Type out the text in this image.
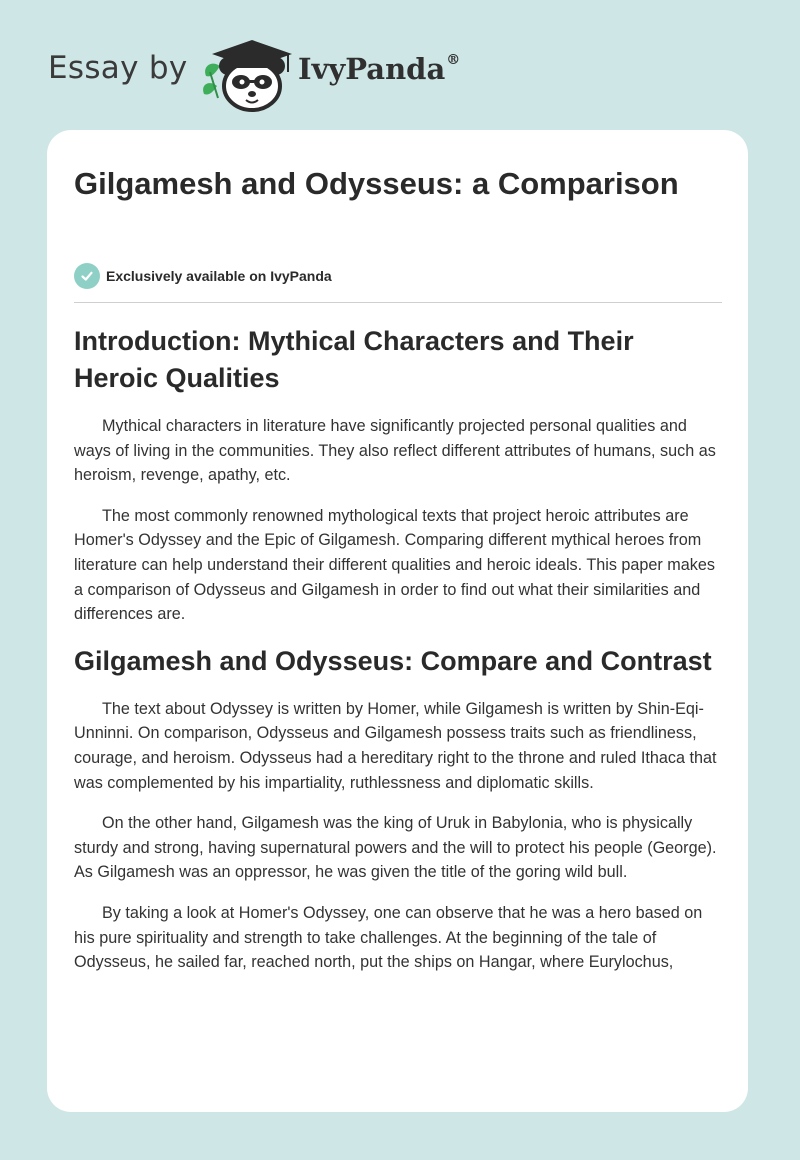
Essay by	IvyPanda®
Gilgamesh and Odysseus: a Comparison
Exclusively available on IvyPanda
Introduction: Mythical Characters and Their Heroic Qualities

Mythical characters in literature have significantly projected personal qualities and ways of living in the communities. They also reflect different attributes of humans, such as heroism, revenge, apathy, etc.

The most commonly renowned mythological texts that project heroic attributes are Homer's Odyssey and the Epic of Gilgamesh. Comparing different mythical heroes from literature can help understand their different qualities and heroic ideals. This paper makes a comparison of Odysseus and Gilgamesh in order to find out what their similarities and differences are.

Gilgamesh and Odysseus: Compare and Contrast

The text about Odyssey is written by Homer, while Gilgamesh is written by Shin-Eqi-Unninni. On comparison, Odysseus and Gilgamesh possess traits such as friendliness, courage, and heroism. Odysseus had a hereditary right to the throne and ruled Ithaca that was complemented by his impartiality, ruthlessness and diplomatic skills.

On the other hand, Gilgamesh was the king of Uruk in Babylonia, who is physically sturdy and strong, having supernatural powers and the will to protect his people (George). As Gilgamesh was an oppressor, he was given the title of the goring wild bull.

By taking a look at Homer's Odyssey, one can observe that he was a hero based on his pure spirituality and strength to take challenges. At the beginning of the tale of Odysseus, he sailed far, reached north, put the ships on Hangar, where Eurylochus,
